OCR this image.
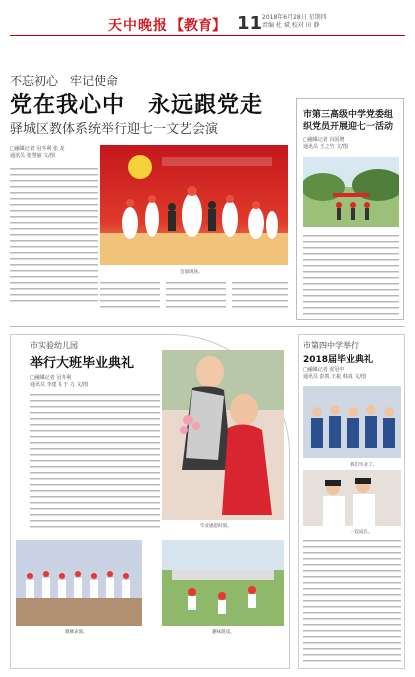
天中晚报 【教育】 11 2018年6月28日 星期四
责编 杜 斌 校对 田 静
不忘初心　牢记使命
党在我心中　永远跟党走
驿城区教体系统举行迎七一文艺会演
□融媒记者 冠冬利 张 龙
通讯员 张慧丽 文/图
会演现场。
市第三高级中学党委组织党员开展迎七一活动
□融媒记者 冯国增
通讯员 王之竹 文/图
市实验幼儿园
举行大班毕业典礼
□融媒记者 冠冬利
通讯员 李建飞 于 力 文/图
毕业感恩时刻。
歌舞表演。	趣味游戏。
市第四中学举行
2018届毕业典礼
□融媒记者 张冠中
通讯员 彭凯 王振 韩真 文/图
我们毕业了。
一起成长。
